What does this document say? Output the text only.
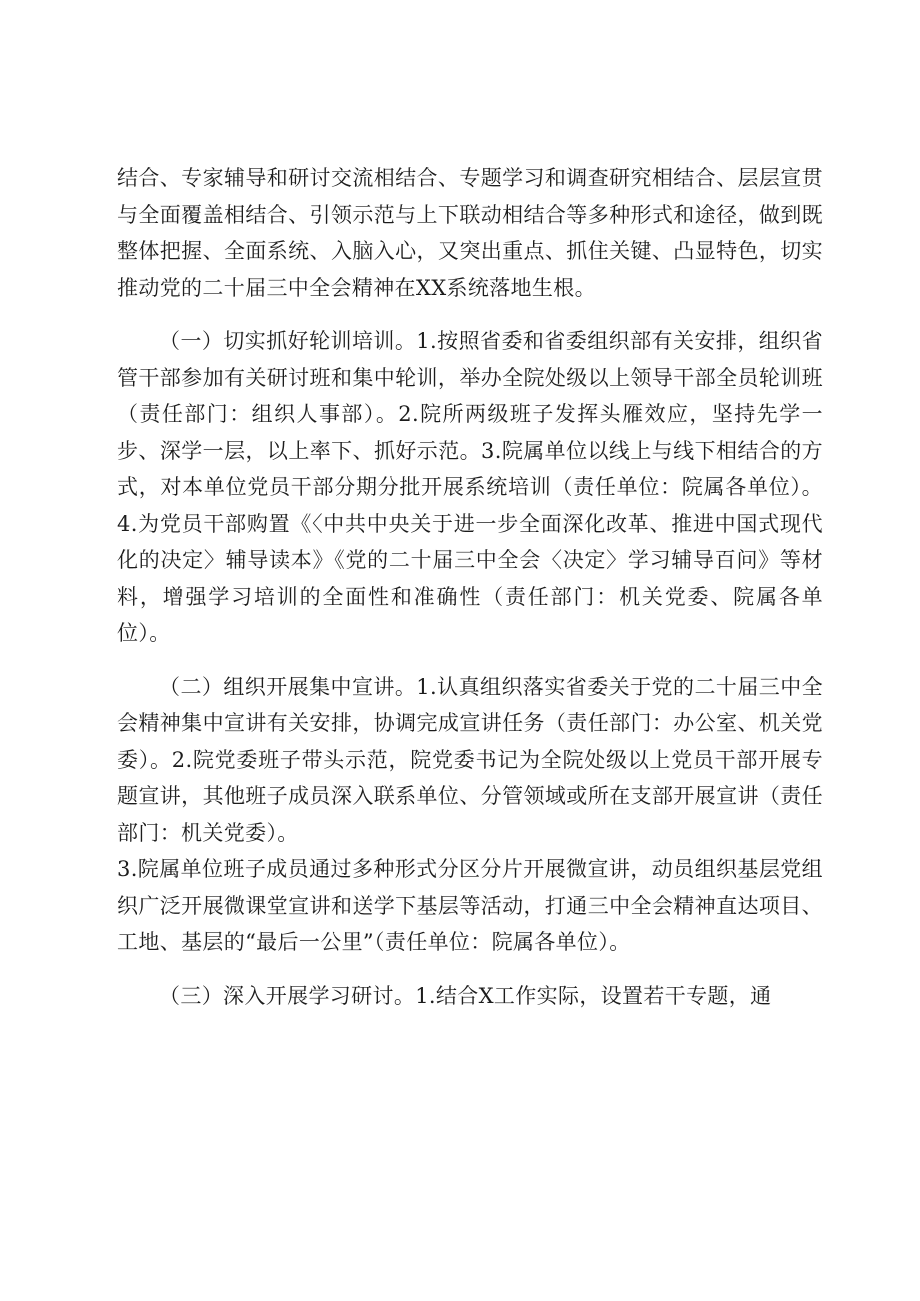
结合、专家辅导和研讨交流相结合、专题学习和调查研究相结合、层层宣贯与全面覆盖相结合、引领示范与上下联动相结合等多种形式和途径，做到既整体把握、全面系统、入脑入心，又突出重点、抓住关键、凸显特色，切实推动党的二十届三中全会精神在XX系统落地生根。

（一）切实抓好轮训培训。1.按照省委和省委组织部有关安排，组织省管干部参加有关研讨班和集中轮训，举办全院处级以上领导干部全员轮训班（责任部门：组织人事部）。2.院所两级班子发挥头雁效应，坚持先学一步、深学一层，以上率下、抓好示范。3.院属单位以线上与线下相结合的方式，对本单位党员干部分期分批开展系统培训（责任单位：院属各单位）。4.为党员干部购置《〈中共中央关于进一步全面深化改革、推进中国式现代化的决定〉辅导读本》《党的二十届三中全会〈决定〉学习辅导百问》等材料，增强学习培训的全面性和准确性（责任部门：机关党委、院属各单位）。

（二）组织开展集中宣讲。1.认真组织落实省委关于党的二十届三中全会精神集中宣讲有关安排，协调完成宣讲任务（责任部门：办公室、机关党委）。2.院党委班子带头示范，院党委书记为全院处级以上党员干部开展专题宣讲，其他班子成员深入联系单位、分管领域或所在支部开展宣讲（责任部门：机关党委）。

3.院属单位班子成员通过多种形式分区分片开展微宣讲，动员组织基层党组织广泛开展微课堂宣讲和送学下基层等活动，打通三中全会精神直达项目、工地、基层的“最后一公里”（责任单位：院属各单位）。

（三）深入开展学习研讨。1.结合X工作实际，设置若干专题，通
